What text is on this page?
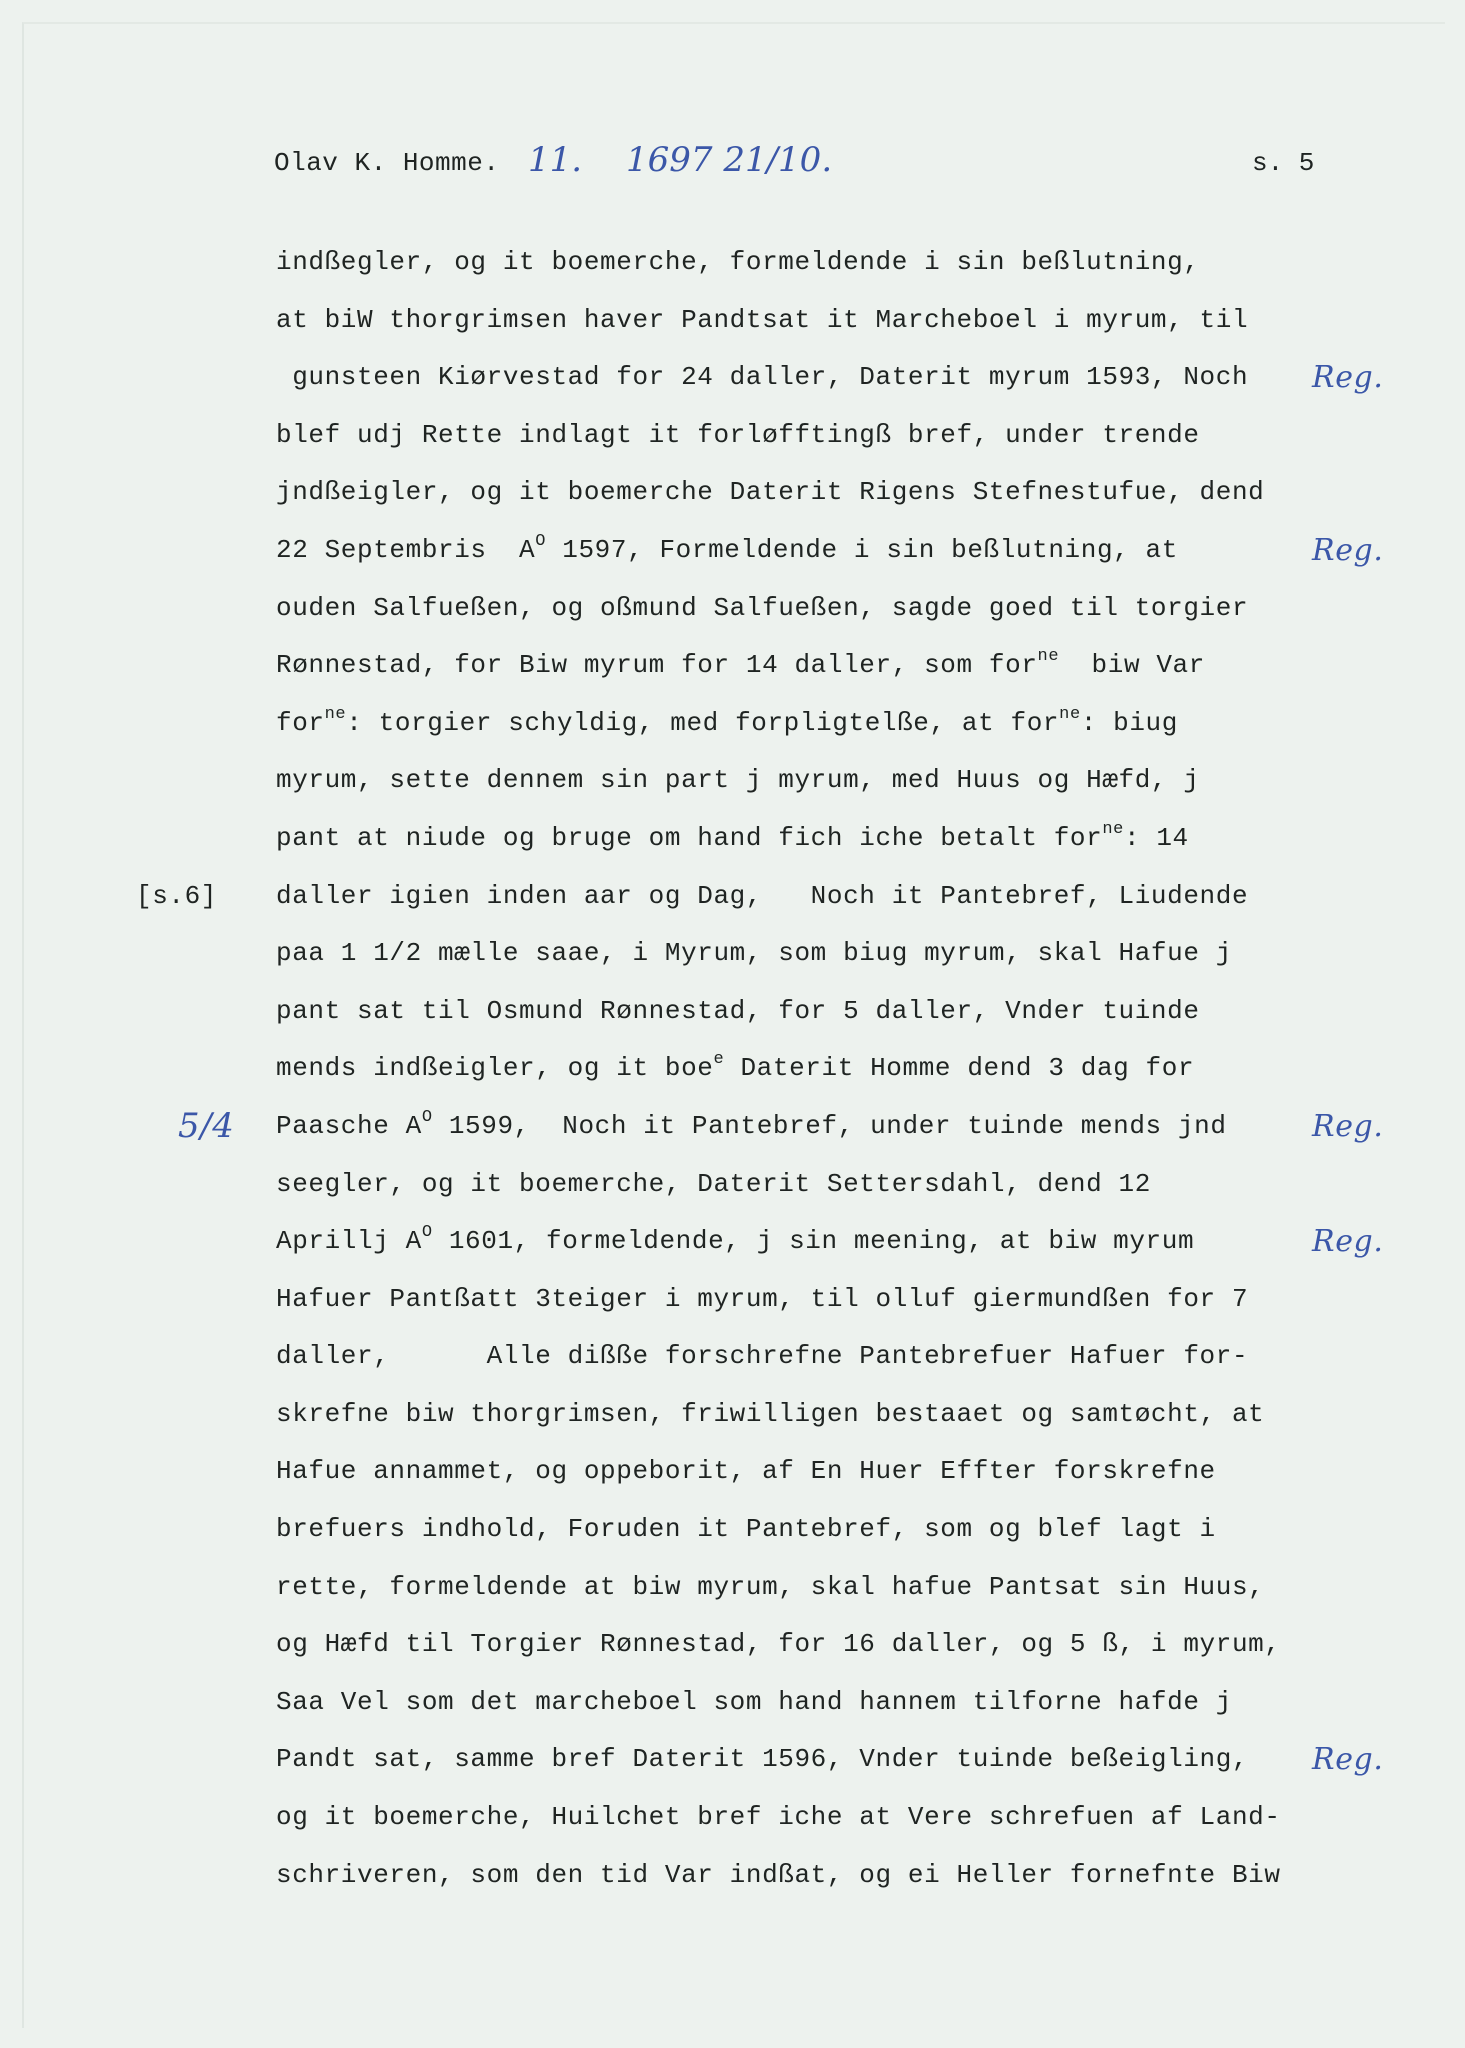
Olav K. Homme. 11. 1697 21/10.	s. 5
indßegler, og it boemerche, formeldende i sin beßlutning,
at biW thorgrimsen haver Pandtsat it Marcheboel i myrum, til
gunsteen Kiørvestad for 24 daller, Daterit myrum 1593, Noch Reg.
blef udj Rette indlagt it forløfftingß bref, under trende
jndßeigler, og it boemerche Daterit Rigens Stefnestufue, dend
22 Septembris  $A^O$ 1597, Formeldende i sin beßlutning, at	Reg.
ouden Salfueßen, og oßmund Salfueßen, sagde goed til torgier
Rønnestad, for Biw myrum for 14 daller, som for$^{ne}$  biw Var
for$^{ne}$: torgier schyldig, med forpligtelße, at for$^{ne}$: biug
myrum, sette dennem sin part j myrum, med Huus og Hæfd, j
pant at niude og bruge om hand fich iche betalt for$^{ne}$: 14
daller igien inden aar og Dag,   Noch it Pantebref, Liudende
[s.6]
paa 1 1/2 mælle saae, i Myrum, som biug myrum, skal Hafue j
pant sat til Osmund Rønnestad, for 5 daller, Vnder tuinde
mends indßeigler, og it boe$^e$ Daterit Homme dend 3 dag for
Paasche $A^O$ 1599,  Noch it Pantebref, under tuinde mends jnd	Reg.
5/4
seegler, og it boemerche, Daterit Settersdahl, dend 12
Aprillj $A^O$ 1601, formeldende, j sin meening, at biw myrum	Reg.
Hafuer Pantßatt 3teiger i myrum, til olluf giermundßen for 7
daller,      Alle dißße forschrefne Pantebrefuer Hafuer for-
skrefne biw thorgrimsen, friwilligen bestaaet og samtøcht, at
Hafue annammet, og oppeborit, af En Huer Effter forskrefne
brefuers indhold, Foruden it Pantebref, som og blef lagt i
rette, formeldende at biw myrum, skal hafue Pantsat sin Huus,
og Hæfd til Torgier Rønnestad, for 16 daller, og 5 ß, i myrum,
Saa Vel som det marcheboel som hand hannem tilforne hafde j
Pandt sat, samme bref Daterit 1596, Vnder tuinde beßeigling, Reg.
og it boemerche, Huilchet bref iche at Vere schrefuen af Land-
schriveren, som den tid Var indßat, og ei Heller fornefnte Biw
